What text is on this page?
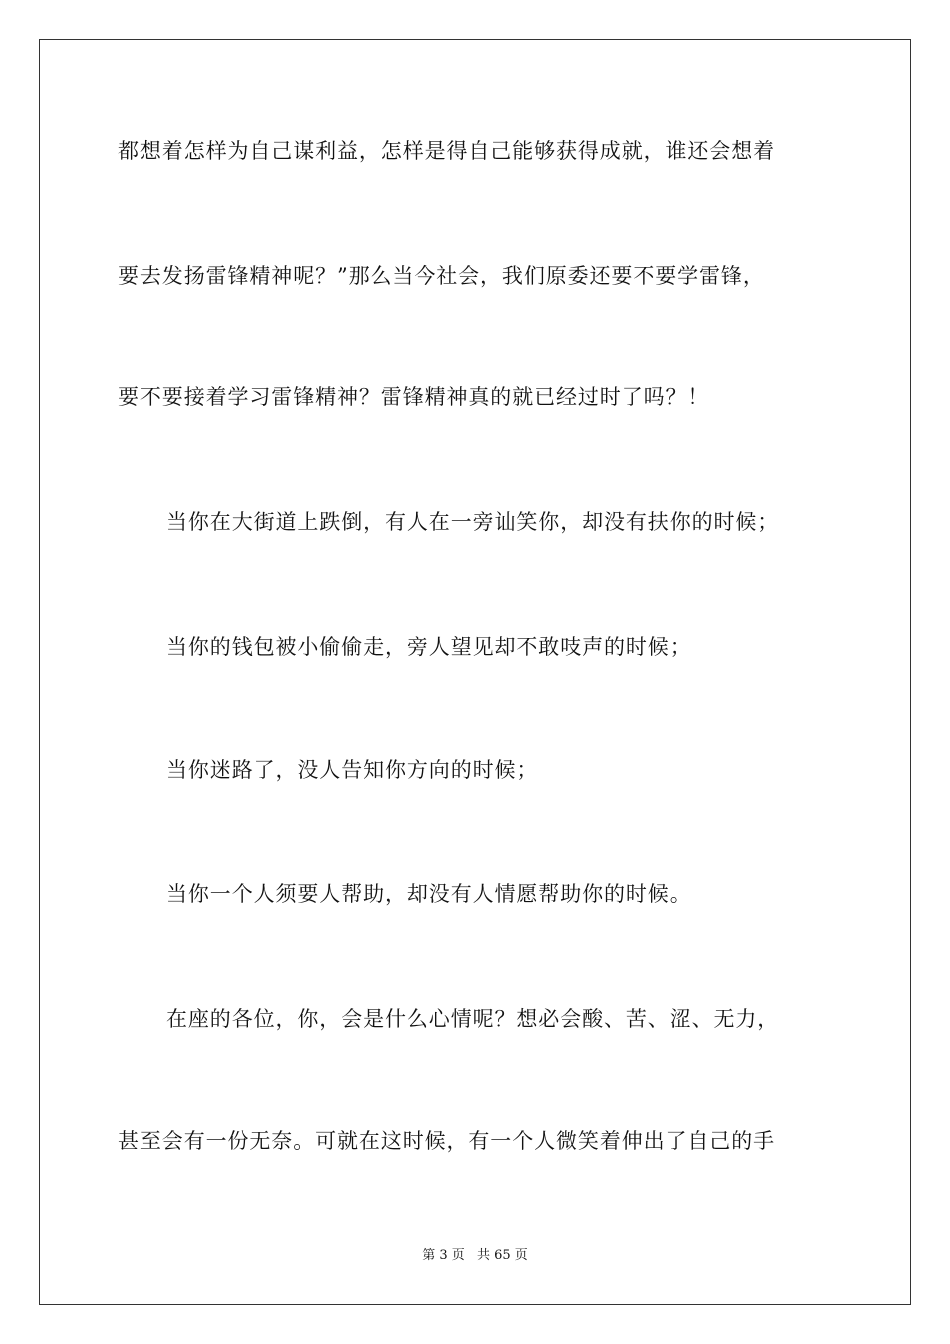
都想着怎样为自己谋利益，怎样是得自己能够获得成就，谁还会想着
要去发扬雷锋精神呢？”那么当今社会，我们原委还要不要学雷锋，
要不要接着学习雷锋精神？雷锋精神真的就已经过时了吗？！
当你在大街道上跌倒，有人在一旁讪笑你，却没有扶你的时候；
当你的钱包被小偷偷走，旁人望见却不敢吱声的时候；
当你迷路了，没人告知你方向的时候；
当你一个人须要人帮助，却没有人情愿帮助你的时候。
在座的各位，你，会是什么心情呢？想必会酸、苦、涩、无力，
甚至会有一份无奈。可就在这时候，有一个人微笑着伸出了自己的手
第 3 页 共 65 页
